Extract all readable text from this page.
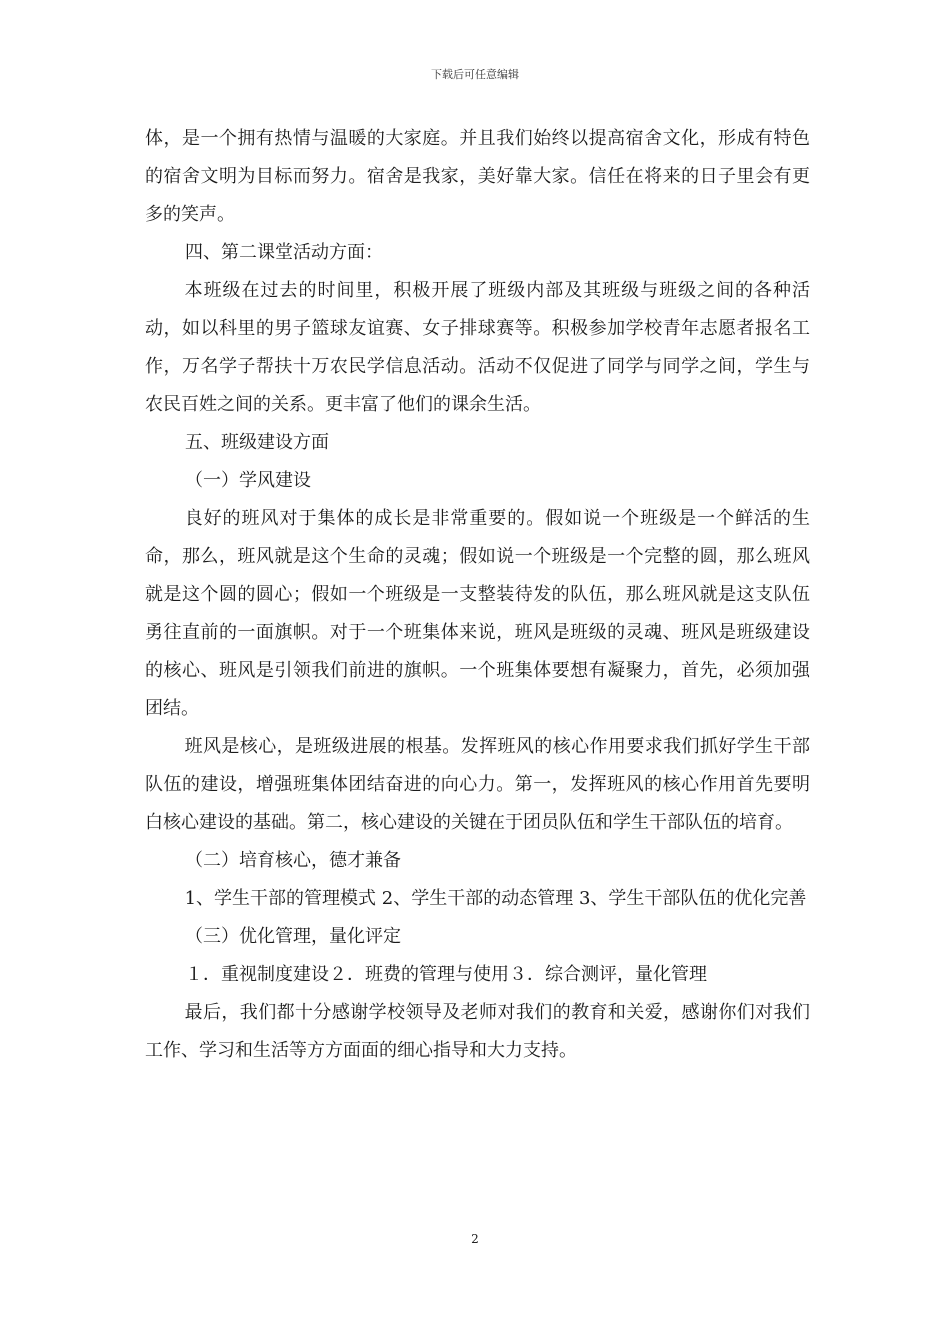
下载后可任意编辑

体，是一个拥有热情与温暖的大家庭。并且我们始终以提高宿舍文化，形成有特色的宿舍文明为目标而努力。宿舍是我家，美好靠大家。信任在将来的日子里会有更多的笑声。

四、第二课堂活动方面：

本班级在过去的时间里，积极开展了班级内部及其班级与班级之间的各种活动，如以科里的男子篮球友谊赛、女子排球赛等。积极参加学校青年志愿者报名工作，万名学子帮扶十万农民学信息活动。活动不仅促进了同学与同学之间，学生与农民百姓之间的关系。更丰富了他们的课余生活。

五、班级建设方面

（一）学风建设

良好的班风对于集体的成长是非常重要的。假如说一个班级是一个鲜活的生命，那么，班风就是这个生命的灵魂；假如说一个班级是一个完整的圆，那么班风就是这个圆的圆心；假如一个班级是一支整装待发的队伍，那么班风就是这支队伍勇往直前的一面旗帜。对于一个班集体来说，班风是班级的灵魂、班风是班级建设的核心、班风是引领我们前进的旗帜。一个班集体要想有凝聚力，首先，必须加强团结。

班风是核心，是班级进展的根基。发挥班风的核心作用要求我们抓好学生干部队伍的建设，增强班集体团结奋进的向心力。第一，发挥班风的核心作用首先要明白核心建设的基础。第二，核心建设的关键在于团员队伍和学生干部队伍的培育。

（二）培育核心，德才兼备

1、学生干部的管理模式 2、学生干部的动态管理 3、学生干部队伍的优化完善

（三）优化管理，量化评定

１．重视制度建设２．班费的管理与使用３．综合测评，量化管理

最后，我们都十分感谢学校领导及老师对我们的教育和关爱，感谢你们对我们工作、学习和生活等方方面面的细心指导和大力支持。

2
